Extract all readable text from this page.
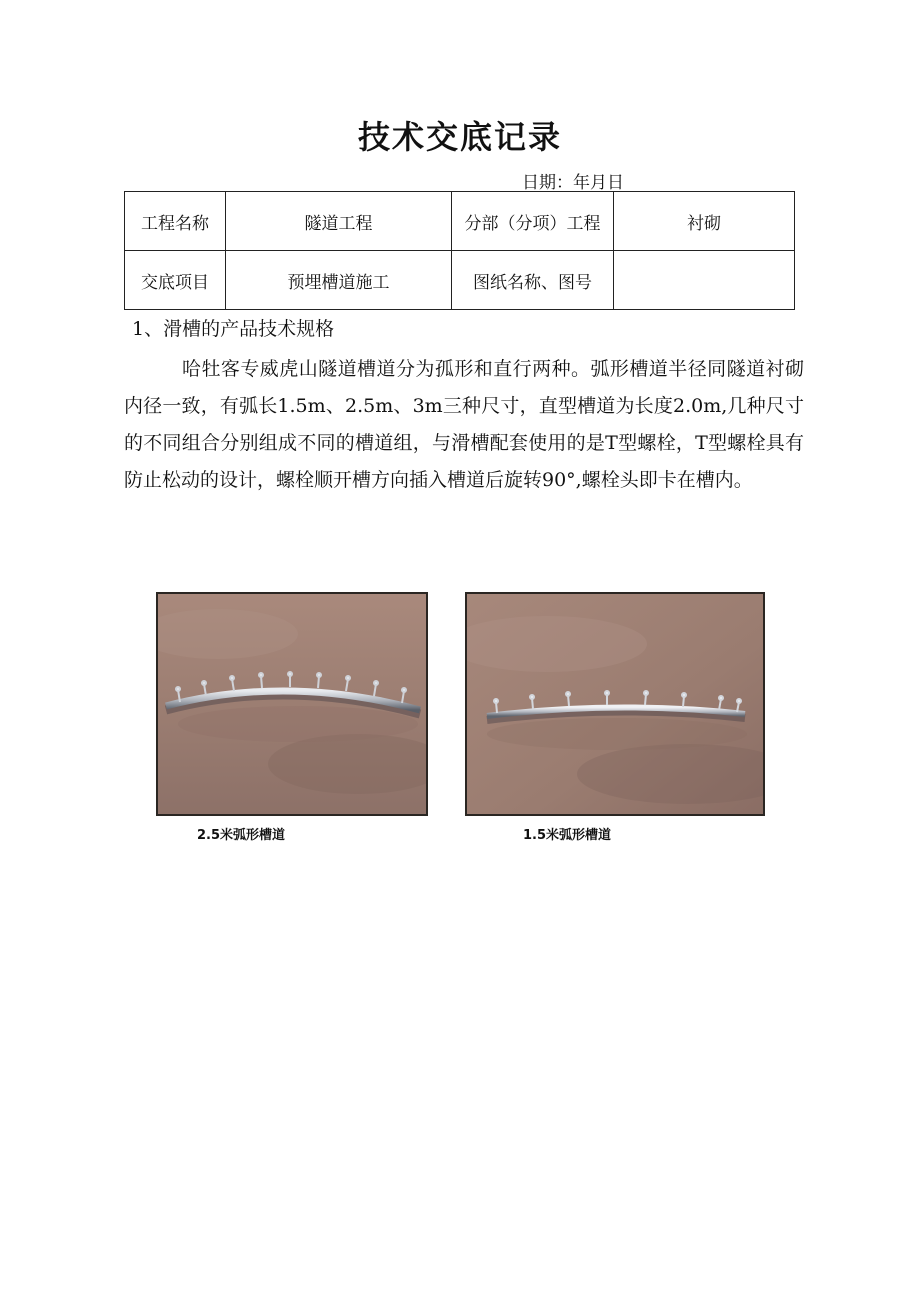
技术交底记录
日期：年月日
工程名称	隧道工程	分部（分项）工程	衬砌
交底项目	预埋槽道施工	图纸名称、图号	
1、滑槽的产品技术规格
哈牡客专威虎山隧道槽道分为孤形和直行两种。弧形槽道半径同隧道衬砌内径一致，有弧长1.5m、2.5m、3m三种尺寸，直型槽道为长度2.0m,几种尺寸的不同组合分别组成不同的槽道组，与滑槽配套使用的是T型螺栓，T型螺栓具有防止松动的设计，螺栓顺开槽方向插入槽道后旋转90°,螺栓头即卡在槽内。
2.5米弧形槽道	1.5米弧形槽道
